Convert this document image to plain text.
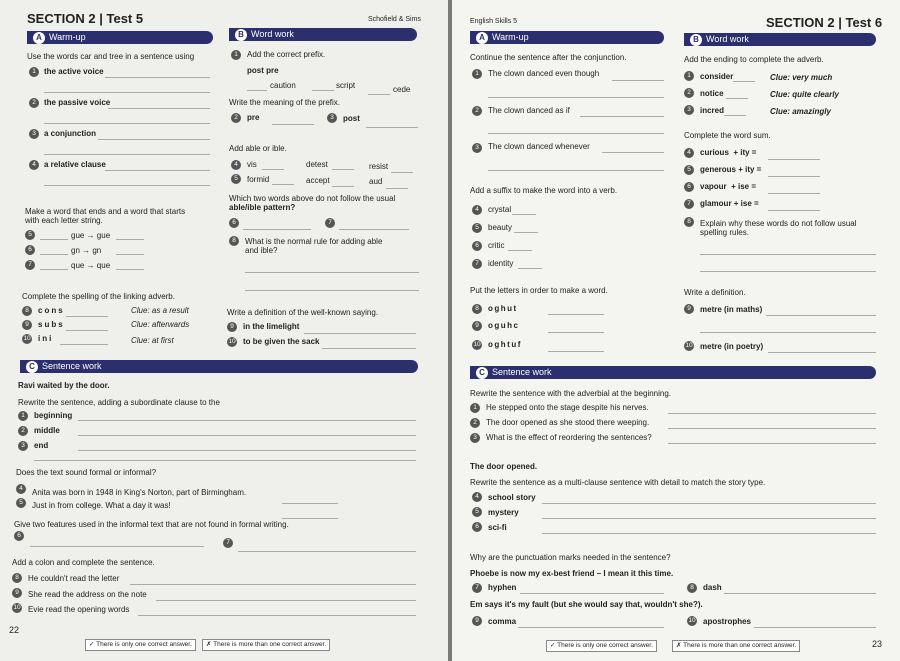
SECTION 2 | Test 5	Schofield & Sims
A Warm-up
Use the words car and tree in a sentence using
1	the active voice
2	the passive voice
3	a conjunction
4	a relative clause
Make a word that ends and a word that starts
with each letter string.
5	gue → gue
6	gn → gn
7	que → que
Complete the spelling of the linking adverb.
8	cons	Clue: as a result
9	subs	Clue: afterwards
10 ini	Clue: at first
B Word work
1	Add the correct prefix.
post pre
caution	script	cede
Write the meaning of the prefix.
2	pre	3	post
Add able or ible.
4	vis	detest	resist
5	formid	accept	aud
Which two words above do not follow the usual
able/ible pattern?
6	7
8	What is the normal rule for adding able
and ible?
Write a definition of the well-known saying.
9	in the limelight
10 to be given the sack
C Sentence work
Ravi waited by the door.
Rewrite the sentence, adding a subordinate clause to the
1	beginning
2	middle
3	end
Does the text sound formal or informal?
4	Anita was born in 1948 in King's Norton, part of Birmingham.
5	Just in from college. What a day it was!
Give two features used in the informal text that are not found in formal writing.
6
7
Add a colon and complete the sentence.
8	He couldn't read the letter
9	She read the address on the note
10 Evie read the opening words
22
✓ There is only one correct answer.	✗ There is more than one correct answer.
English Skills 5	SECTION 2 | Test 6
A Warm-up
Continue the sentence after the conjunction.
1	The clown danced even though
2	The clown danced as if
3	The clown danced whenever
Add a suffix to make the word into a verb.
4	crystal
5	beauty
6	critic
7	identity
Put the letters in order to make a word.
8	oghut
9	oguhc
10 oghtuf
B Word work
Add the ending to complete the adverb.
1	consider	Clue: very much
2	notice	Clue: quite clearly
3	incred	Clue: amazingly
Complete the word sum.
4	curious  + ity =
5	generous + ity =
6	vapour  + ise =
7	glamour + ise =
8	Explain why these words do not follow usual
spelling rules.
Write a definition.
9	metre (in maths)
10 metre (in poetry)
C Sentence work
Rewrite the sentence with the adverbial at the beginning.
1	He stepped onto the stage despite his nerves.
2	The door opened as she stood there weeping.
3	What is the effect of reordering the sentences?
The door opened.
Rewrite the sentence as a multi-clause sentence with detail to match the story type.
4	school story
5	mystery
6	sci-fi
Why are the punctuation marks needed in the sentence?
Phoebe is now my ex-best friend – I mean it this time.
7	hyphen	8	dash
Em says it's my fault (but she would say that, wouldn't she?).
9	comma	10 apostrophes
✓ There is only one correct answer.	✗ There is more than one correct answer.	23
